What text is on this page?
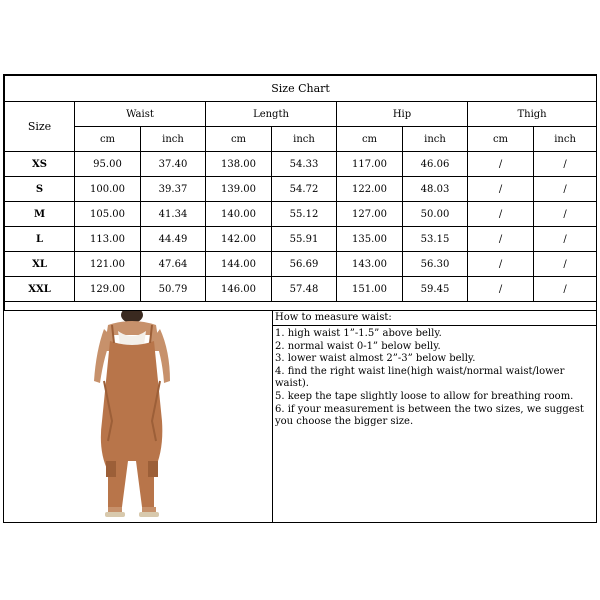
Size Chart								
Size	Waist		Length		Hip		Thigh	
	cm	inch	cm	inch	cm	inch	cm	inch
XS	95.00	37.40	138.00	54.33	117.00	46.06	/	/
S	100.00	39.37	139.00	54.72	122.00	48.03	/	/
M	105.00	41.34	140.00	55.12	127.00	50.00	/	/
L	113.00	44.49	142.00	55.91	135.00	53.15	/	/
XL	121.00	47.64	144.00	56.69	143.00	56.30	/	/
XXL	129.00	50.79	146.00	57.48	151.00	59.45	/	/

How to measure waist:
1. high waist 1”-1.5” above belly.
2. normal waist 0-1” below belly.
3. lower waist almost 2”-3” below belly.
4. find the right waist line(high waist/normal waist/lower waist).
5. keep the tape slightly loose to allow for breathing room.
6. if your measurement is between the two sizes, we suggest you choose the bigger size.
